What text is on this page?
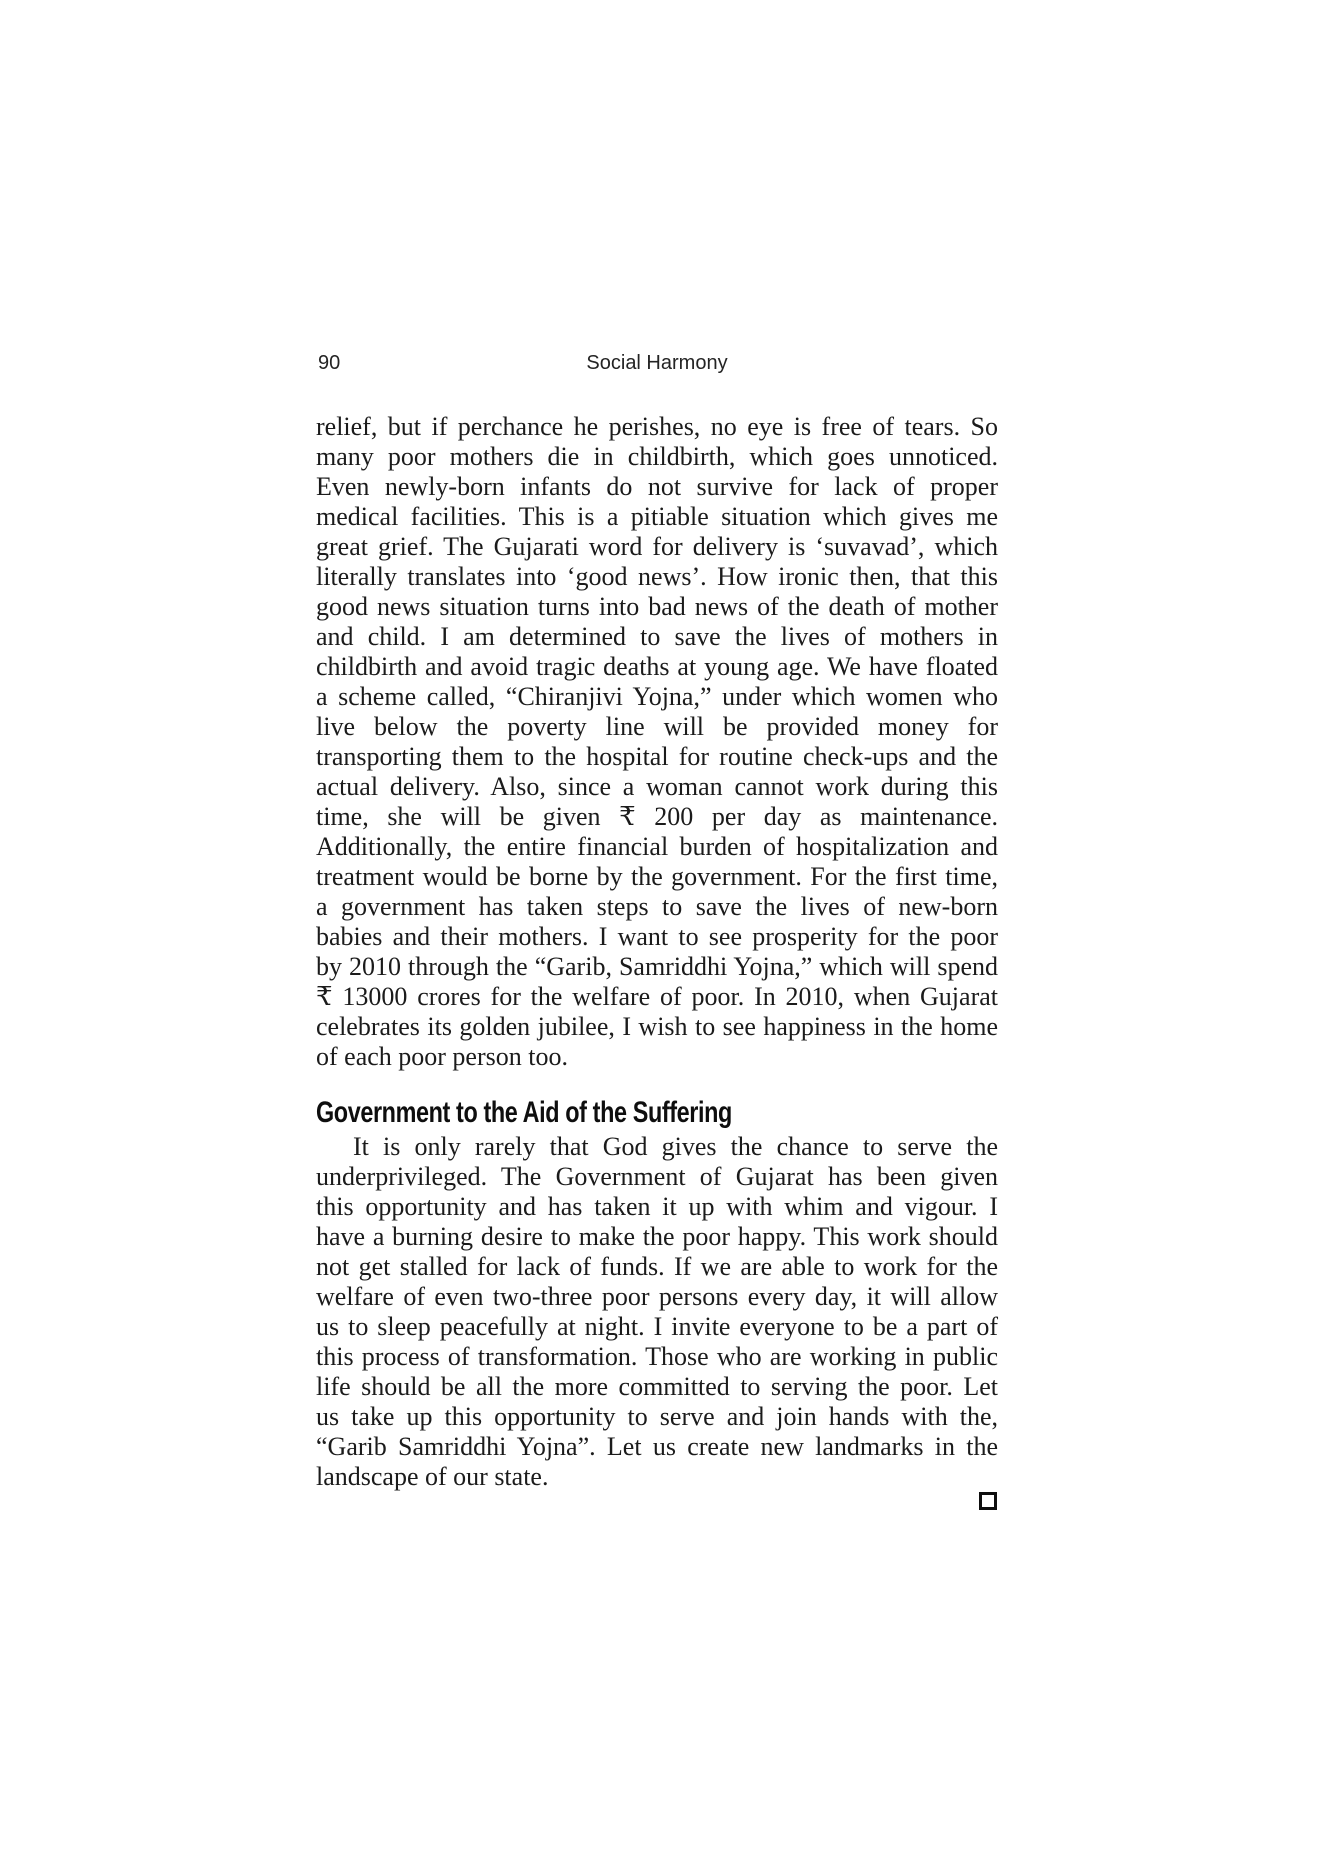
90	Social Harmony
relief, but if perchance he perishes, no eye is free of tears. So
many poor mothers die in childbirth, which goes unnoticed.
Even newly-born infants do not survive for lack of proper
medical facilities. This is a pitiable situation which gives me
great grief. The Gujarati word for delivery is ‘suvavad’, which
literally translates into ‘good news’. How ironic then, that this
good news situation turns into bad news of the death of mother
and child. I am determined to save the lives of mothers in
childbirth and avoid tragic deaths at young age. We have floated
a scheme called, “Chiranjivi Yojna,” under which women who
live below the poverty line will be provided money for
transporting them to the hospital for routine check-ups and the
actual delivery. Also, since a woman cannot work during this
time, she will be given ₹ 200 per day as maintenance.
Additionally, the entire financial burden of hospitalization and
treatment would be borne by the government. For the first time,
a government has taken steps to save the lives of new-born
babies and their mothers. I want to see prosperity for the poor
by 2010 through the “Garib, Samriddhi Yojna,” which will spend
₹ 13000 crores for the welfare of poor. In 2010, when Gujarat
celebrates its golden jubilee, I wish to see happiness in the home
of each poor person too.
Government to the Aid of the Suffering
It is only rarely that God gives the chance to serve the
underprivileged. The Government of Gujarat has been given
this opportunity and has taken it up with whim and vigour. I
have a burning desire to make the poor happy. This work should
not get stalled for lack of funds. If we are able to work for the
welfare of even two-three poor persons every day, it will allow
us to sleep peacefully at night. I invite everyone to be a part of
this process of transformation. Those who are working in public
life should be all the more committed to serving the poor. Let
us take up this opportunity to serve and join hands with the,
“Garib Samriddhi Yojna”. Let us create new landmarks in the
landscape of our state.
